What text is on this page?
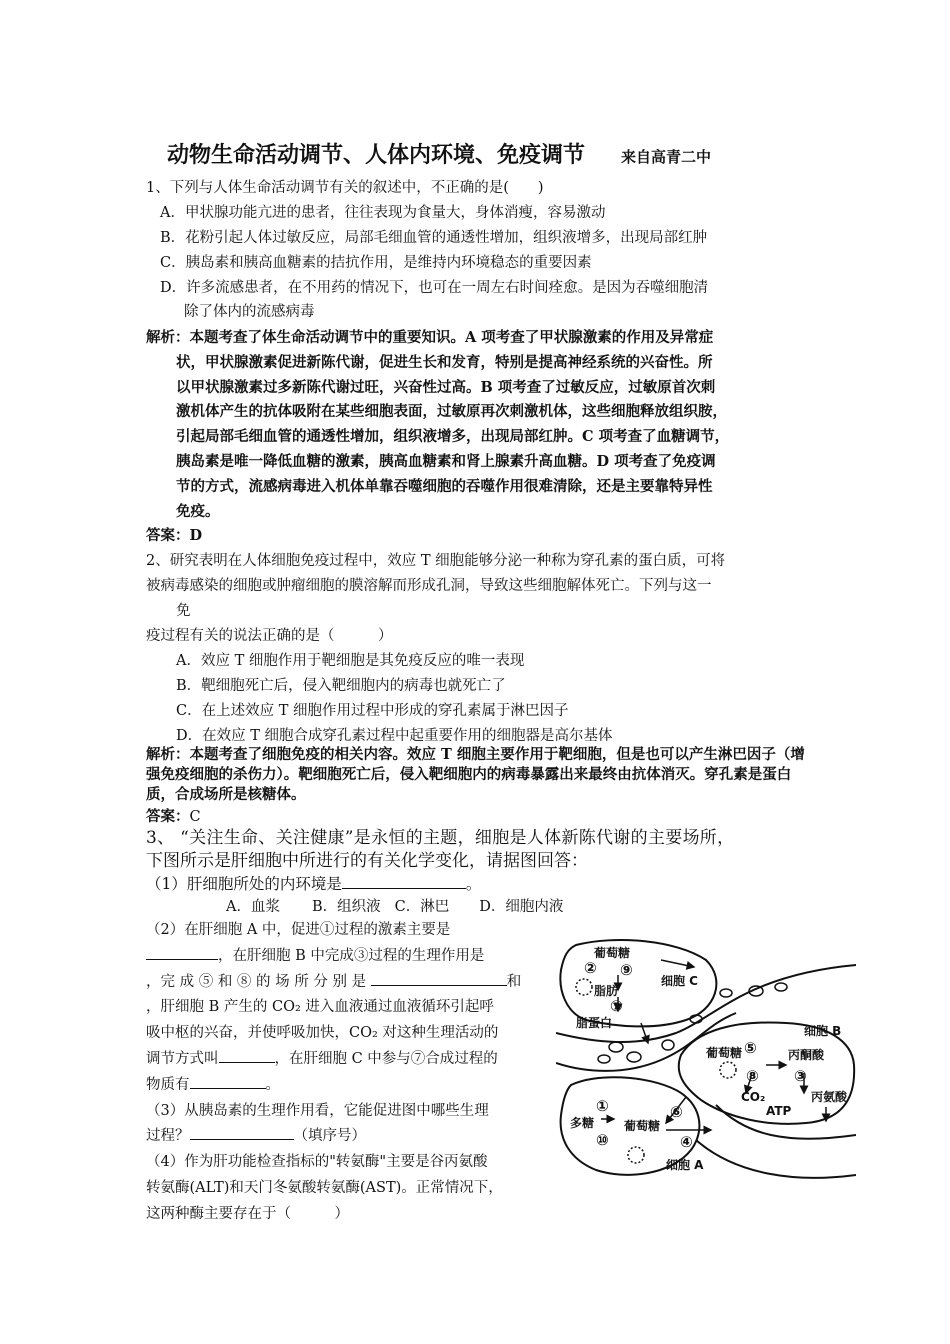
动物生命活动调节、人体内环境、免疫调节 来自高青二中
1、下列与人体生命活动调节有关的叙述中，不正确的是(　　)
A．甲状腺功能亢进的患者，往往表现为食量大，身体消瘦，容易激动
B．花粉引起人体过敏反应，局部毛细血管的通透性增加，组织液增多，出现局部红肿
C．胰岛素和胰高血糖素的拮抗作用，是维持内环境稳态的重要因素
D．许多流感患者，在不用药的情况下，也可在一周左右时间痊愈。是因为吞噬细胞清
除了体内的流感病毒
解析：本题考查了体生命活动调节中的重要知识。A 项考查了甲状腺激素的作用及异常症
状，甲状腺激素促进新陈代谢，促进生长和发育，特别是提高神经系统的兴奋性。所
以甲状腺激素过多新陈代谢过旺，兴奋性过高。B 项考查了过敏反应，过敏原首次刺
激机体产生的抗体吸附在某些细胞表面，过敏原再次刺激机体，这些细胞释放组织胺，
引起局部毛细血管的通透性增加，组织液增多，出现局部红肿。C 项考查了血糖调节，
胰岛素是唯一降低血糖的激素，胰高血糖素和肾上腺素升高血糖。D 项考查了免疫调
节的方式，流感病毒进入机体单靠吞噬细胞的吞噬作用很难清除，还是主要靠特异性
免疫。
答案：D
2、研究表明在人体细胞免疫过程中，效应 T 细胞能够分泌一种称为穿孔素的蛋白质，可将
被病毒感染的细胞或肿瘤细胞的膜溶解而形成孔洞，导致这些细胞解体死亡。下列与这一
免
疫过程有关的说法正确的是（　　　）
A．效应 T 细胞作用于靶细胞是其免疫反应的唯一表现
B．靶细胞死亡后，侵入靶细胞内的病毒也就死亡了
C．在上述效应 T 细胞作用过程中形成的穿孔素属于淋巴因子
D．在效应 T 细胞合成穿孔素过程中起重要作用的细胞器是高尔基体
解析：本题考查了细胞免疫的相关内容。效应 T 细胞主要作用于靶细胞，但是也可以产生淋巴因子（增强免疫细胞的杀伤力）。靶细胞死亡后，侵入靶细胞内的病毒暴露出来最终由抗体消灭。穿孔素是蛋白质，合成场所是核糖体。
答案：C
3、 “关注生命、关注健康”是永恒的主题，细胞是人体新陈代谢的主要场所，
下图所示是肝细胞中所进行的有关化学变化，请据图回答：
（1）肝细胞所处的内环境是	。
A．血浆 B．组织液 C．淋巴 D．细胞内液
（2）在肝细胞 A 中，促进①过程的激素主要是
，在肝细胞 B 中完成③过程的生理作用是
，完 成 ⑤ 和 ⑧ 的 场 所 分 别 是	和
，肝细胞 B 产生的 CO₂ 进入血液通过血液循环引起呼
吸中枢的兴奋，并使呼吸加快，CO₂ 对这种生理活动的
调节方式叫	，在肝细胞 C 中参与⑦合成过程的
物质有	。
（3）从胰岛素的生理作用看，它能促进图中哪些生理
过程？	（填序号）
（4）作为肝功能检查指标的"转氨酶"主要是谷丙氨酸
转氨酶(ALT)和天门冬氨酸转氨酶(AST)。正常情况下，
这两种酶主要存在于（　　　）
葡萄糖
细胞 C
② ⑨
脂肪
⑦
脂蛋白
细胞 B
⑤
葡萄糖	丙酮酸
⑧ ③
CO₂
ATP
丙氨酸
①
多糖 葡萄糖
⑥
⑩	④
细胞 A
